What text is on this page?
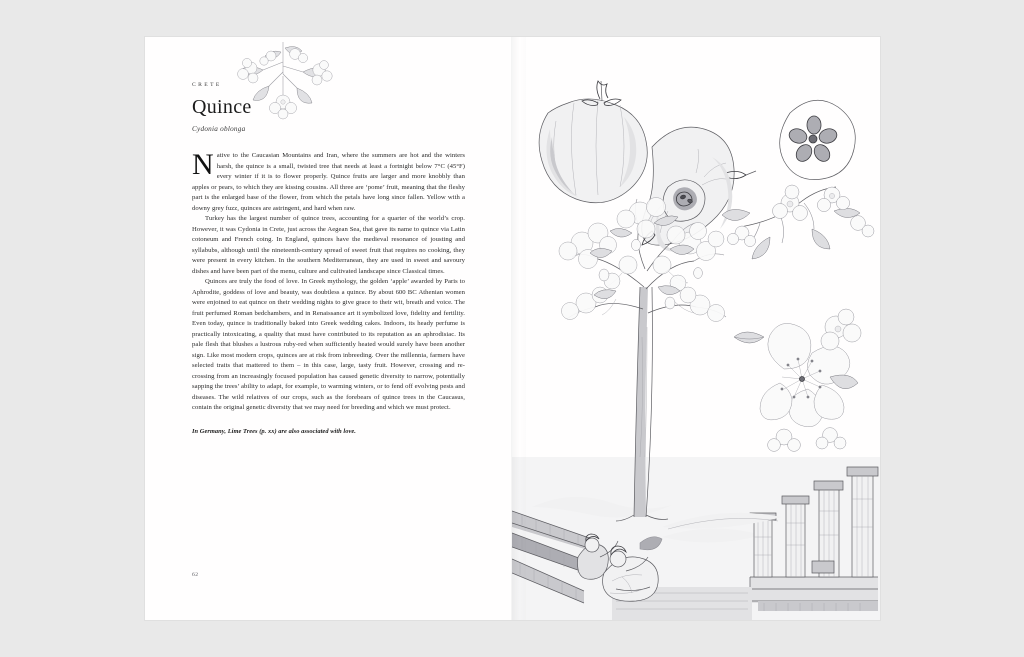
CRETE
Quince
Cydonia oblonga

Native to the Caucasian Mountains and Iran, where the summers are hot and the winters harsh, the quince is a small, twisted tree that needs at least a fortnight below 7°C (45°F) every winter if it is to flower properly. Quince fruits are larger and more knobbly than apples or pears, to which they are kissing cousins. All three are ‘pome’ fruit, meaning that the fleshy part is the enlarged base of the flower, from which the petals have long since fallen. Yellow with a downy grey fuzz, quinces are astringent, and hard when raw.

Turkey has the largest number of quince trees, accounting for a quarter of the world’s crop. However, it was Cydonia in Crete, just across the Aegean Sea, that gave its name to quince via Latin cotoneum and French coing. In England, quinces have the medieval resonance of jousting and syllabubs, although until the nineteenth-century spread of sweet fruit that requires no cooking, they were present in every kitchen. In the southern Mediterranean, they are used in sweet and savoury dishes and have been part of the menu, culture and cultivated landscape since Classical times.

Quinces are truly the food of love. In Greek mythology, the golden ‘apple’ awarded by Paris to Aphrodite, goddess of love and beauty, was doubtless a quince. By about 600 BC Athenian women were enjoined to eat quince on their wedding nights to give grace to their wit, breath and voice. The fruit perfumed Roman bedchambers, and in Renaissance art it symbolized love, fidelity and fertility. Even today, quince is traditionally baked into Greek wedding cakes. Indoors, its heady perfume is practically intoxicating, a quality that must have contributed to its reputation as an aphrodisiac. Its pale flesh that blushes a lustrous ruby-red when sufficiently heated would surely have been another sign. Like most modern crops, quinces are at risk from inbreeding. Over the millennia, farmers have selected traits that mattered to them – in this case, large, tasty fruit. However, crossing and re-crossing from an increasingly focused population has caused genetic diversity to narrow, potentially sapping the trees’ ability to adapt, for example, to warming winters, or to fend off evolving pests and diseases. The wild relatives of our crops, such as the forebears of quince trees in the Caucasus, contain the original genetic diversity that we may need for breeding and which we must protect.

In Germany, Lime Trees (p. xx) are also associated with love.
62
